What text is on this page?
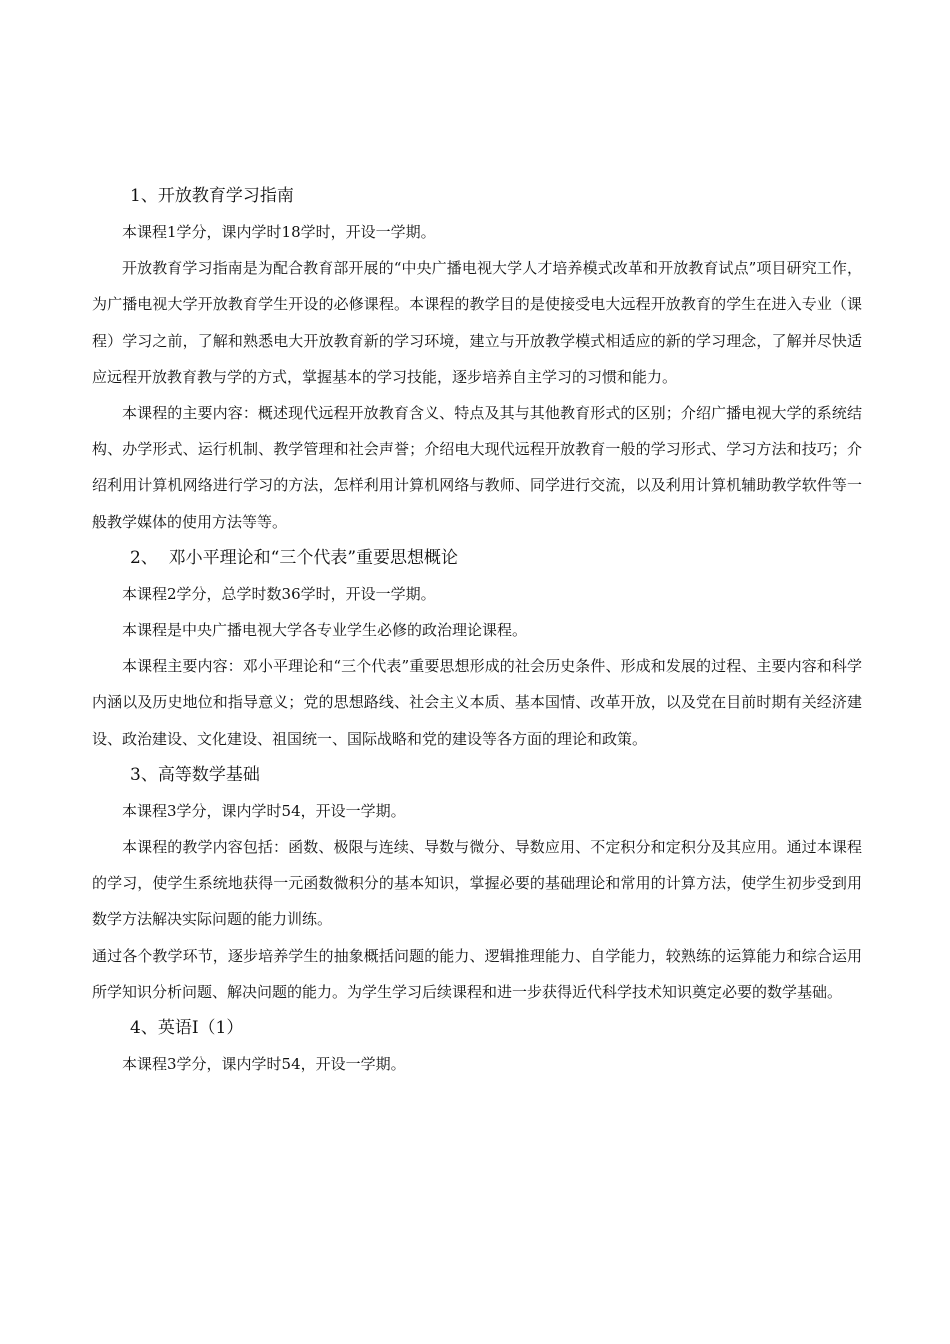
1、开放教育学习指南

本课程1学分，课内学时18学时，开设一学期。

开放教育学习指南是为配合教育部开展的“中央广播电视大学人才培养模式改革和开放教育试点”项目研究工作，为广播电视大学开放教育学生开设的必修课程。本课程的教学目的是使接受电大远程开放教育的学生在进入专业（课程）学习之前，了解和熟悉电大开放教育新的学习环境，建立与开放教学模式相适应的新的学习理念，了解并尽快适应远程开放教育教与学的方式，掌握基本的学习技能，逐步培养自主学习的习惯和能力。

本课程的主要内容：概述现代远程开放教育含义、特点及其与其他教育形式的区别；介绍广播电视大学的系统结构、办学形式、运行机制、教学管理和社会声誉；介绍电大现代远程开放教育一般的学习形式、学习方法和技巧；介绍利用计算机网络进行学习的方法，怎样利用计算机网络与教师、同学进行交流，以及利用计算机辅助教学软件等一般教学媒体的使用方法等等。

2、  邓小平理论和“三个代表”重要思想概论

本课程2学分，总学时数36学时，开设一学期。

本课程是中央广播电视大学各专业学生必修的政治理论课程。

本课程主要内容：邓小平理论和“三个代表”重要思想形成的社会历史条件、形成和发展的过程、主要内容和科学内涵以及历史地位和指导意义；党的思想路线、社会主义本质、基本国情、改革开放，以及党在目前时期有关经济建设、政治建设、文化建设、祖国统一、国际战略和党的建设等各方面的理论和政策。

3、高等数学基础

本课程3学分，课内学时54，开设一学期。

本课程的教学内容包括：函数、极限与连续、导数与微分、导数应用、不定积分和定积分及其应用。通过本课程的学习，使学生系统地获得一元函数微积分的基本知识，掌握必要的基础理论和常用的计算方法，使学生初步受到用数学方法解决实际问题的能力训练。

通过各个教学环节，逐步培养学生的抽象概括问题的能力、逻辑推理能力、自学能力，较熟练的运算能力和综合运用所学知识分析问题、解决问题的能力。为学生学习后续课程和进一步获得近代科学技术知识奠定必要的数学基础。

4、英语I（1）

本课程3学分，课内学时54，开设一学期。
